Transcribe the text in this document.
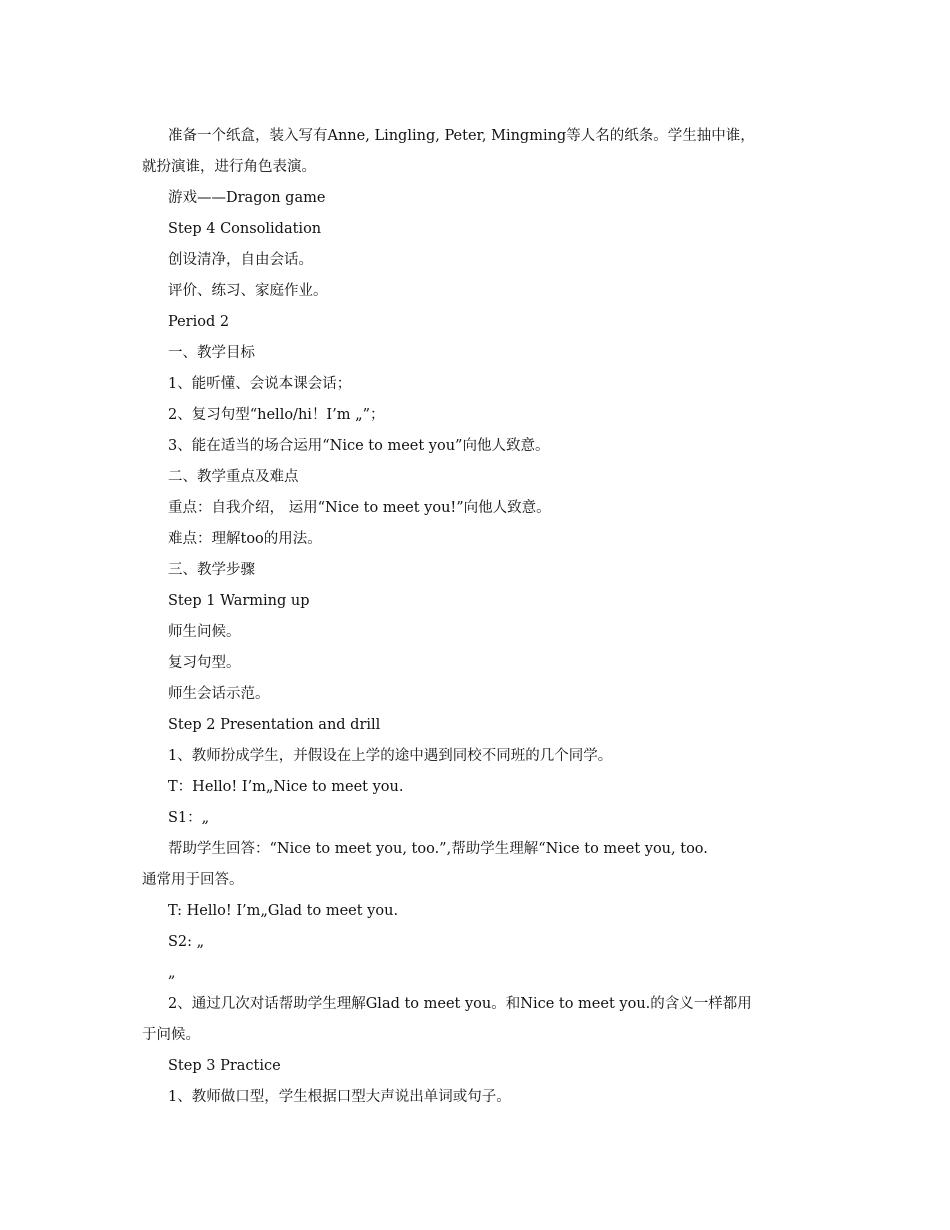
准备一个纸盒，装入写有Anne, Lingling, Peter, Mingming等人名的纸条。学生抽中谁，
就扮演谁，进行角色表演。
游戏——Dragon game
Step 4 Consolidation
创设清净，自由会话。
评价、练习、家庭作业。
Period 2
一、教学目标
1、能听懂、会说本课会话；
2、复习句型“hello/hi！I’m „”；
3、能在适当的场合运用“Nice to meet you”向他人致意。
二、教学重点及难点
重点：自我介绍， 运用“Nice to meet you!”向他人致意。
难点：理解too的用法。
三、教学步骤
Step 1 Warming up
师生问候。
复习句型。
师生会话示范。
Step 2 Presentation and drill
1、教师扮成学生，并假设在上学的途中遇到同校不同班的几个同学。
T：Hello! I’m„Nice to meet you.
S1：„
帮助学生回答：“Nice to meet you, too.”,帮助学生理解“Nice to meet you, too.
通常用于回答。
T: Hello! I’m„Glad to meet you.
S2: „
„
2、通过几次对话帮助学生理解Glad to meet you。和Nice to meet you.的含义一样都用
于问候。
Step 3 Practice
1、教师做口型，学生根据口型大声说出单词或句子。
